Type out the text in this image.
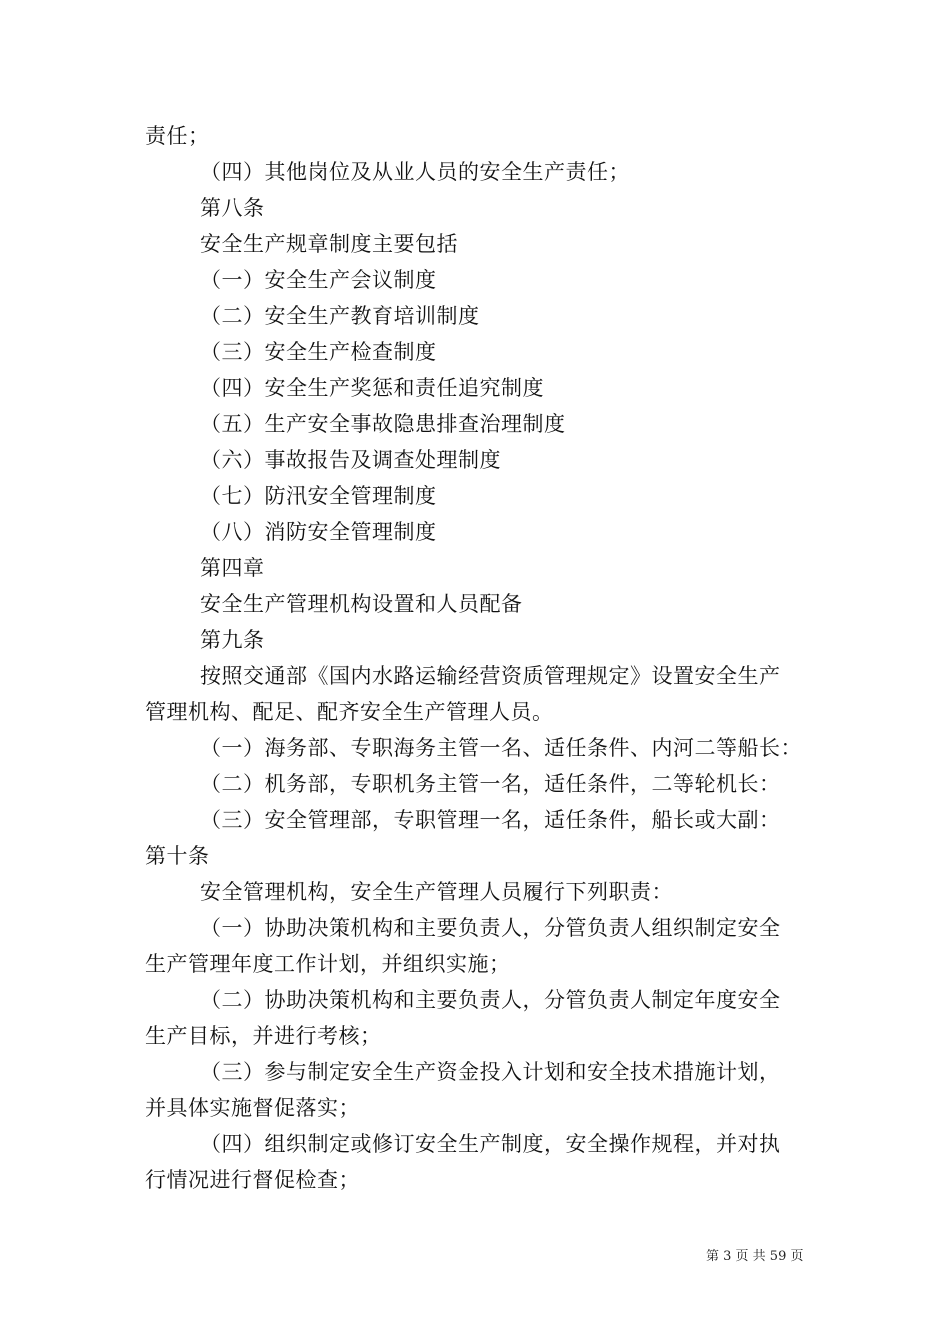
责任；
（四）其他岗位及从业人员的安全生产责任；
第八条
安全生产规章制度主要包括
（一）安全生产会议制度
（二）安全生产教育培训制度
（三）安全生产检查制度
（四）安全生产奖惩和责任追究制度
（五）生产安全事故隐患排查治理制度
（六）事故报告及调查处理制度
（七）防汛安全管理制度
（八）消防安全管理制度
第四章
安全生产管理机构设置和人员配备
第九条
按照交通部《国内水路运输经营资质管理规定》设置安全生产
管理机构、配足、配齐安全生产管理人员。
（一）海务部、专职海务主管一名、适任条件、内河二等船长：
（二）机务部，专职机务主管一名，适任条件，二等轮机长：
（三）安全管理部，专职管理一名，适任条件，船长或大副：
第十条
安全管理机构，安全生产管理人员履行下列职责：
（一）协助决策机构和主要负责人，分管负责人组织制定安全
生产管理年度工作计划，并组织实施；
（二）协助决策机构和主要负责人，分管负责人制定年度安全
生产目标，并进行考核；
（三）参与制定安全生产资金投入计划和安全技术措施计划，
并具体实施督促落实；
（四）组织制定或修订安全生产制度，安全操作规程，并对执
行情况进行督促检查；
第 3 页 共 59 页
